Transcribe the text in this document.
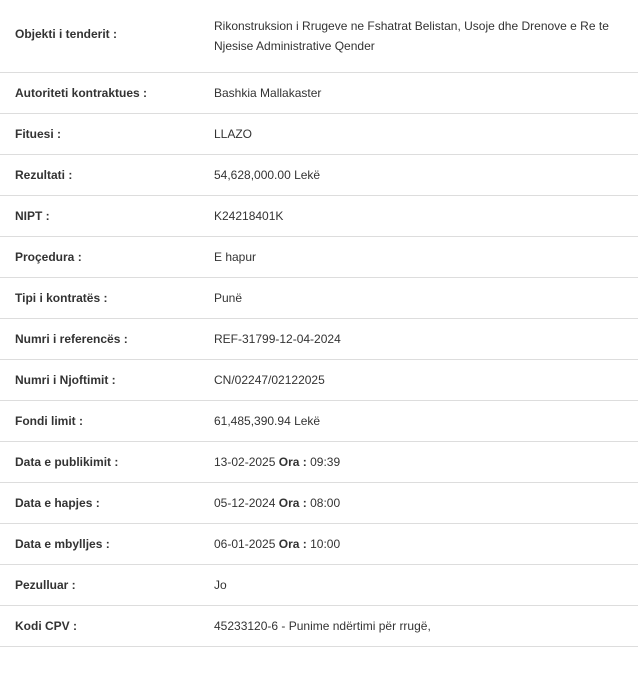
Objekti i tenderit :
Rikonstruksion i Rrugeve ne Fshatrat Belistan, Usoje dhe Drenove e Re te Njesise Administrative Qender
Autoriteti kontraktues :	Bashkia Mallakaster
Fituesi :	LLAZO
Rezultati :	54,628,000.00 Lekë
NIPT :	K24218401K
Proçedura :	E hapur
Tipi i kontratës :	Punë
Numri i referencës :	REF-31799-12-04-2024
Numri i Njoftimit :	CN/02247/02122025
Fondi limit :	61,485,390.94 Lekë
Data e publikimit :	13-02-2025 Ora : 09:39
Data e hapjes :	05-12-2024 Ora : 08:00
Data e mbylljes :	06-01-2025 Ora : 10:00
Pezulluar :	Jo
Kodi CPV :	45233120-6 - Punime ndërtimi për rrugë,
